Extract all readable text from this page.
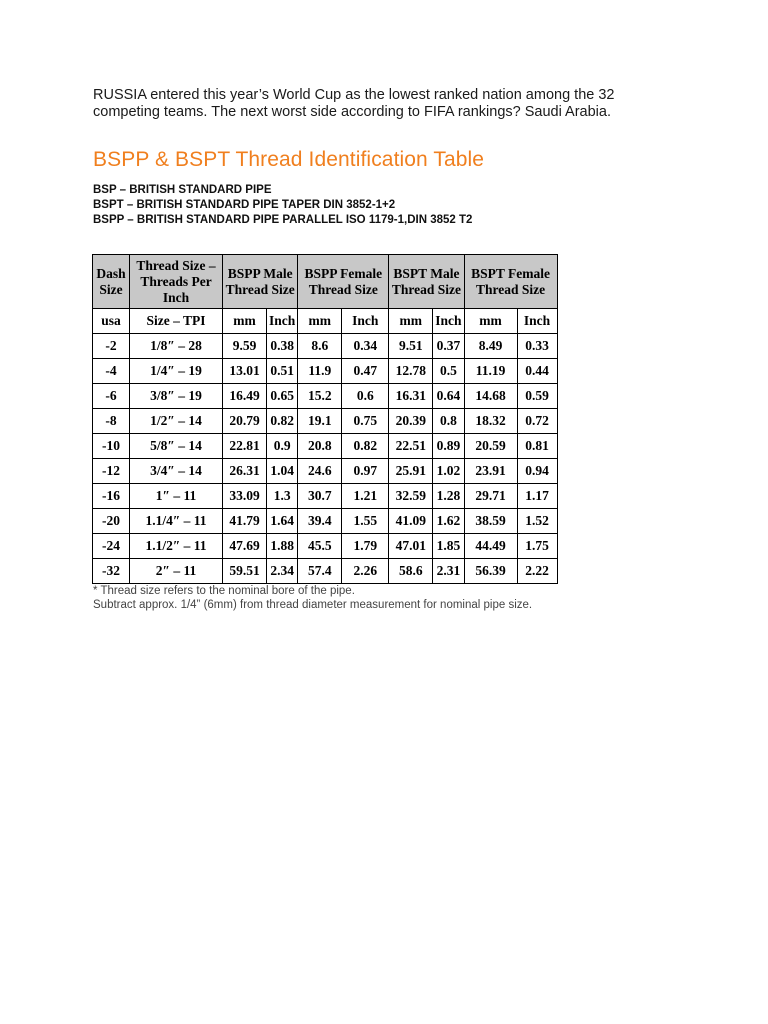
RUSSIA entered this year’s World Cup as the lowest ranked nation among the 32

competing teams. The next worst side according to FIFA rankings? Saudi Arabia.

BSPP & BSPT Thread Identification Table
BSP – BRITISH STANDARD PIPE
BSPT – BRITISH STANDARD PIPE TAPER DIN 3852-1+2
BSPP – BRITISH STANDARD PIPE PARALLEL ISO 1179-1,DIN 3852 T2
Dash Size	Thread Size – Threads Per Inch	BSPP Male Thread Size		BSPP Female Thread Size		BSPT Male Thread Size		BSPT Female Thread Size	
usa	Size – TPI	mm	Inch	mm	Inch	mm	Inch	mm	Inch
-2	1/8″ – 28	9.59	0.38	8.6	0.34	9.51	0.37	8.49	0.33
-4	1/4″ – 19	13.01	0.51	11.9	0.47	12.78	0.5	11.19	0.44
-6	3/8″ – 19	16.49	0.65	15.2	0.6	16.31	0.64	14.68	0.59
-8	1/2″ – 14	20.79	0.82	19.1	0.75	20.39	0.8	18.32	0.72
-10	5/8″ – 14	22.81	0.9	20.8	0.82	22.51	0.89	20.59	0.81
-12	3/4″ – 14	26.31	1.04	24.6	0.97	25.91	1.02	23.91	0.94
-16	1″ – 11	33.09	1.3	30.7	1.21	32.59	1.28	29.71	1.17
-20	1.1/4″ – 11	41.79	1.64	39.4	1.55	41.09	1.62	38.59	1.52
-24	1.1/2″ – 11	47.69	1.88	45.5	1.79	47.01	1.85	44.49	1.75
-32	2″ – 11	59.51	2.34	57.4	2.26	58.6	2.31	56.39	2.22
* Thread size refers to the nominal bore of the pipe.
Subtract approx. 1/4” (6mm) from thread diameter measurement for nominal pipe size.
